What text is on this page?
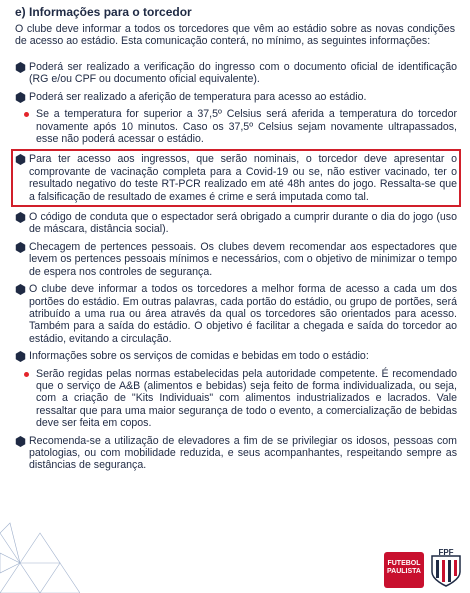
e) Informações para o torcedor
O clube deve informar a todos os torcedores que vêm ao estádio sobre as novas condições de acesso ao estádio. Esta comunicação conterá, no mínimo, as seguintes informações:
Poderá ser realizado a verificação do ingresso com o documento oficial de identificação (RG e/ou CPF ou documento oficial equivalente).
Poderá ser realizado a aferição de temperatura para acesso ao estádio.
Se a temperatura for superior a 37,5º Celsius será aferida a temperatura do torcedor novamente após 10 minutos. Caso os 37,5º Celsius sejam novamente ultrapassados, esse não poderá acessar o estádio.
Para ter acesso aos ingressos, que serão nominais, o torcedor deve apresentar o comprovante de vacinação completa para a Covid-19 ou se, não estiver vacinado, ter o resultado negativo do teste RT-PCR realizado em até 48h antes do jogo. Ressalta-se que a falsificação de resultado de exames é crime e será imputada como tal.
O código de conduta que o espectador será obrigado a cumprir durante o dia do jogo (uso de máscara, distância social).
Checagem de pertences pessoais. Os clubes devem recomendar aos espectadores que levem os pertences pessoais mínimos e necessários, com o objetivo de minimizar o tempo de espera nos controles de segurança.
O clube deve informar a todos os torcedores a melhor forma de acesso a cada um dos portões do estádio. Em outras palavras, cada portão do estádio, ou grupo de portões, será atribuído a uma rua ou área através da qual os torcedores são orientados para acesso. Também para a saída do estádio. O objetivo é facilitar a chegada e saída do torcedor ao estádio, evitando a circulação.
Informações sobre os serviços de comidas e bebidas em todo o estádio:
Serão regidas pelas normas estabelecidas pela autoridade competente. É recomendado que o serviço de A&B (alimentos e bebidas) seja feito de forma individualizada, ou seja, com a criação de "Kits Individuais" com alimentos industrializados e lacrados. Vale ressaltar que para uma maior segurança de todo o evento, a comercialização de bebidas deve ser feita em copos.
Recomenda-se a utilização de elevadores a fim de se privilegiar os idosos, pessoas com patologias, ou com mobilidade reduzida, e seus acompanhantes, respeitando sempre as distâncias de segurança.
FUTEBOL PAULISTA
FPF
